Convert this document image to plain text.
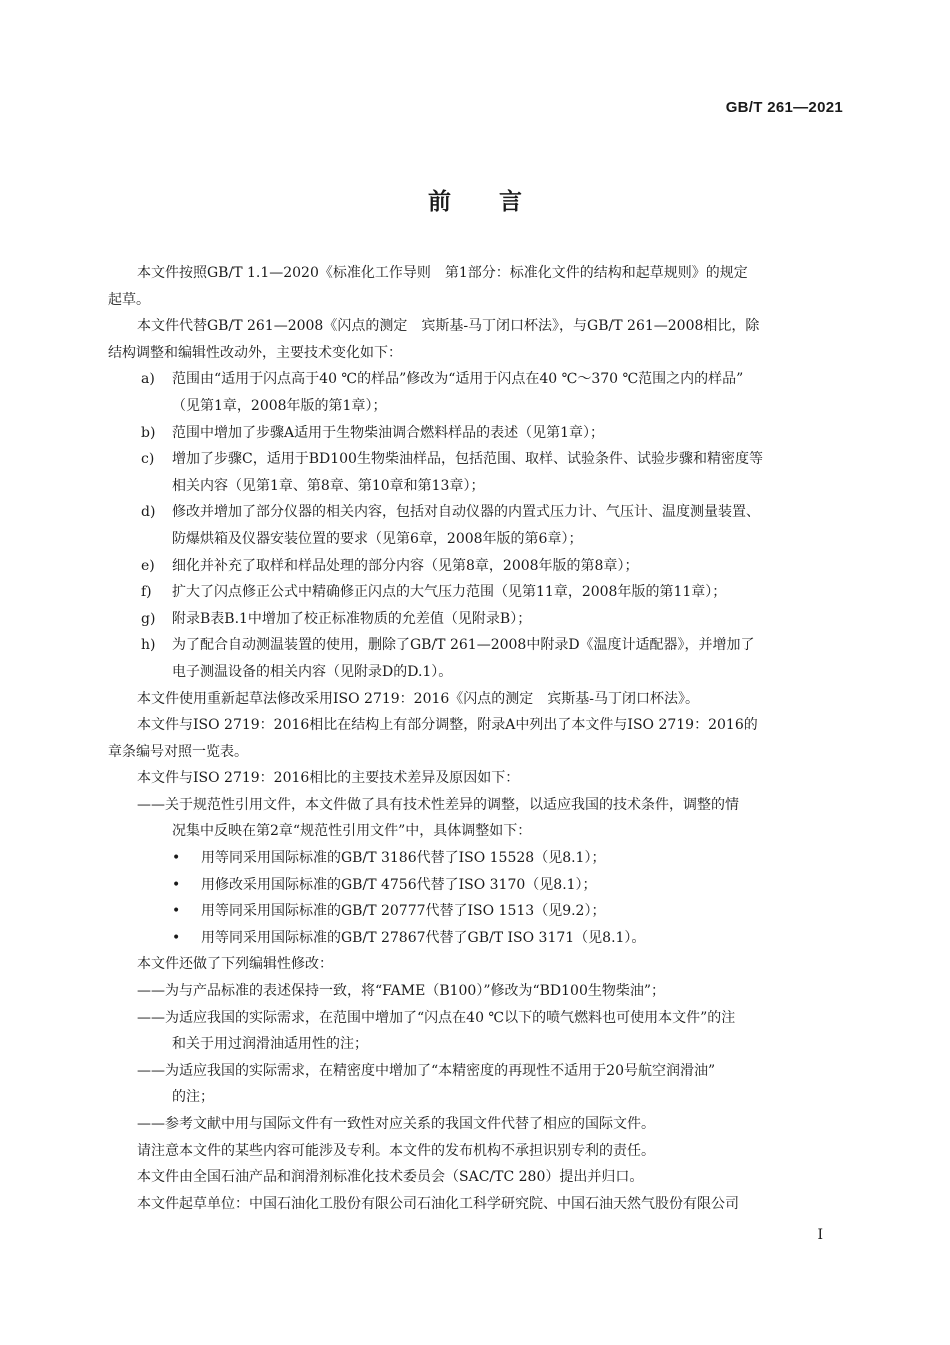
GB/T 261—2021
前言
本文件按照GB/T 1.1—2020《标准化工作导则　第1部分：标准化文件的结构和起草规则》的规定
起草。
本文件代替GB/T 261—2008《闪点的测定　宾斯基-马丁闭口杯法》，与GB/T 261—2008相比，除
结构调整和编辑性改动外，主要技术变化如下：
a) 范围由“适用于闪点高于40 ℃的样品”修改为“适用于闪点在40 ℃～370 ℃范围之内的样品”
（见第1章，2008年版的第1章）；
b) 范围中增加了步骤A适用于生物柴油调合燃料样品的表述（见第1章）；
c) 增加了步骤C，适用于BD100生物柴油样品，包括范围、取样、试验条件、试验步骤和精密度等
相关内容（见第1章、第8章、第10章和第13章）；
d) 修改并增加了部分仪器的相关内容，包括对自动仪器的内置式压力计、气压计、温度测量装置、
防爆烘箱及仪器安装位置的要求（见第6章，2008年版的第6章）；
e) 细化并补充了取样和样品处理的部分内容（见第8章，2008年版的第8章）；
f) 扩大了闪点修正公式中精确修正闪点的大气压力范围（见第11章，2008年版的第11章）；
g) 附录B表B.1中增加了校正标准物质的允差值（见附录B）；
h) 为了配合自动测温装置的使用，删除了GB/T 261—2008中附录D《温度计适配器》，并增加了
电子测温设备的相关内容（见附录D的D.1）。
本文件使用重新起草法修改采用ISO 2719：2016《闪点的测定　宾斯基-马丁闭口杯法》。
本文件与ISO 2719：2016相比在结构上有部分调整，附录A中列出了本文件与ISO 2719：2016的
章条编号对照一览表。
本文件与ISO 2719：2016相比的主要技术差异及原因如下：
——关于规范性引用文件，本文件做了具有技术性差异的调整，以适应我国的技术条件，调整的情
况集中反映在第2章“规范性引用文件”中，具体调整如下：
• 用等同采用国际标准的GB/T 3186代替了ISO 15528（见8.1）；
• 用修改采用国际标准的GB/T 4756代替了ISO 3170（见8.1）；
• 用等同采用国际标准的GB/T 20777代替了ISO 1513（见9.2）；
• 用等同采用国际标准的GB/T 27867代替了GB/T ISO 3171（见8.1）。
本文件还做了下列编辑性修改：
——为与产品标准的表述保持一致，将“FAME（B100）”修改为“BD100生物柴油”；
——为适应我国的实际需求，在范围中增加了“闪点在40 ℃以下的喷气燃料也可使用本文件”的注
和关于用过润滑油适用性的注；
——为适应我国的实际需求，在精密度中增加了“本精密度的再现性不适用于20号航空润滑油”
的注；
——参考文献中用与国际文件有一致性对应关系的我国文件代替了相应的国际文件。
请注意本文件的某些内容可能涉及专利。本文件的发布机构不承担识别专利的责任。
本文件由全国石油产品和润滑剂标准化技术委员会（SAC/TC 280）提出并归口。
本文件起草单位：中国石油化工股份有限公司石油化工科学研究院、中国石油天然气股份有限公司
Ⅰ
